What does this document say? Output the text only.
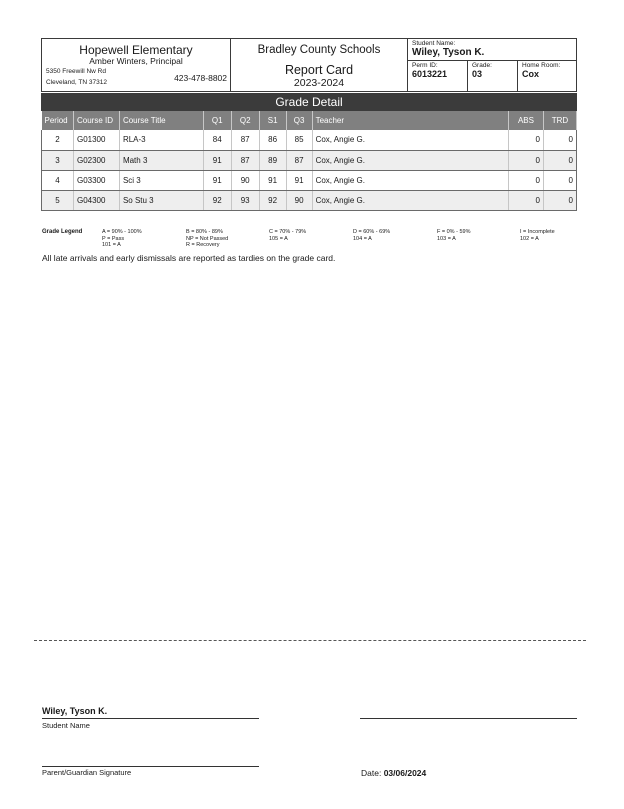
Hopewell Elementary
Amber Winters, Principal
5350 Freewill Nw Rd
Cleveland, TN 37312	423-478-8802
Bradley County Schools
Report Card
2023-2024
Student Name:
Wiley, Tyson K.
Perm ID:
6013221
Grade:
03
Home Room:
Cox
Grade Detail
Period	Course ID	Course Title	Q1	Q2	S1	Q3	Teacher	ABS	TRD
2	G01300	RLA-3	84	87	86	85	Cox, Angie G.	0	0
3	G02300	Math 3	91	87	89	87	Cox, Angie G.	0	0
4	G03300	Sci 3	91	90	91	91	Cox, Angie G.	0	0
5	G04300	So Stu 3	92	93	92	90	Cox, Angie G.	0	0
Grade Legend	A = 90% - 100%
P = Pass
101 = A
B = 80% - 89%
NP = Not Passed
R = Recovery
C = 70% - 79%
105 = A
D = 60% - 69%
104 = A
F = 0% - 59%
103 = A
I = Incomplete
102 = A
All late arrivals and early dismissals are reported as tardies on the grade card.
Wiley, Tyson K.
Student Name
Parent/Guardian Signature	Date: 03/06/2024
